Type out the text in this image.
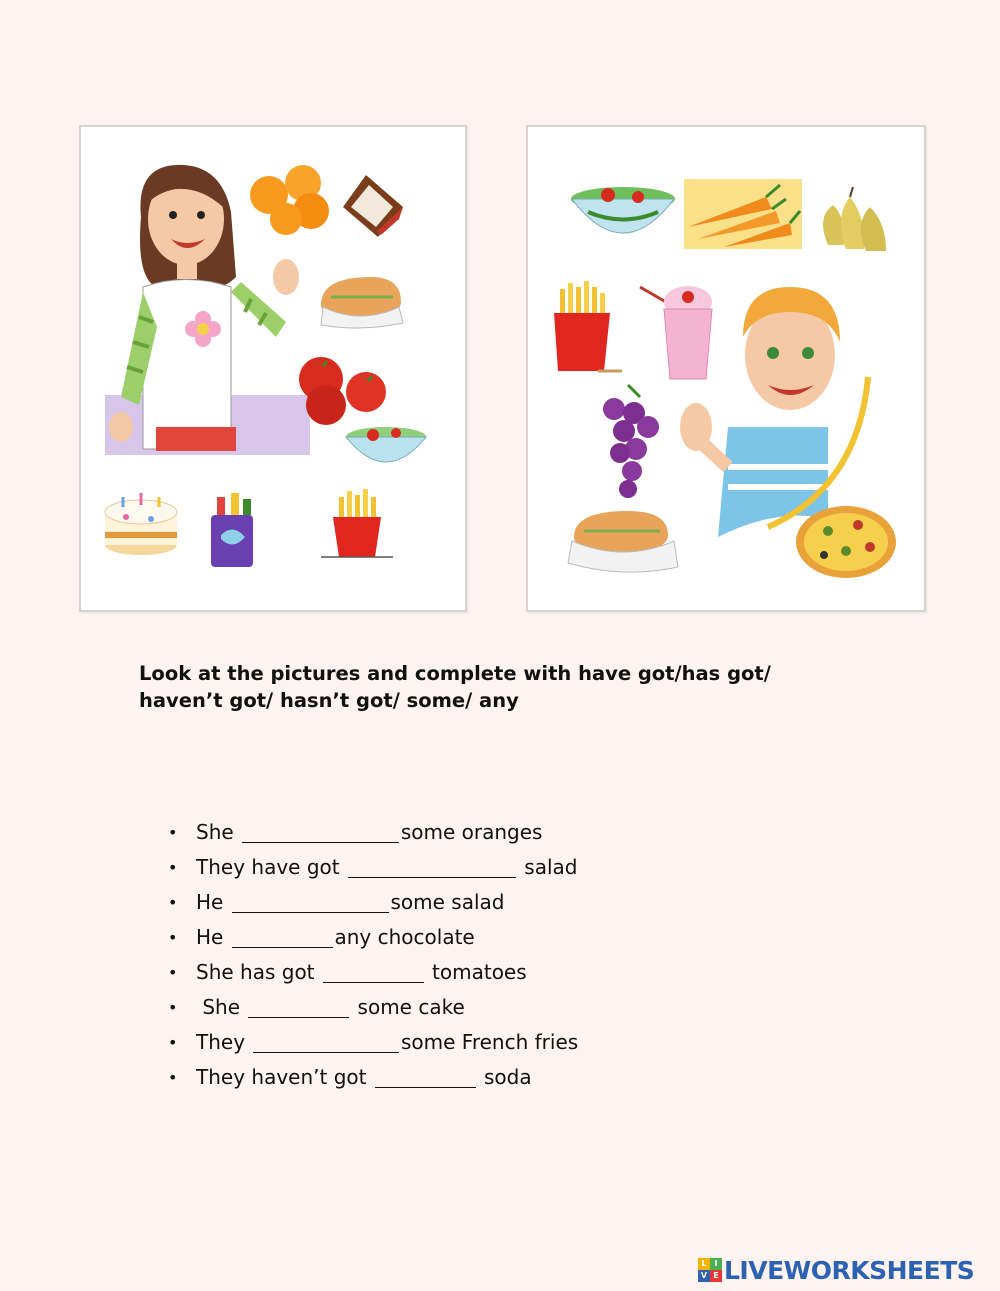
Look at the pictures and complete with have got/has got/
haven’t got/ hasn’t got/ some/ any

• She	some oranges
• They have got	salad
• He	some salad
• He	any chocolate
• She has got	tomatoes
• She	some cake
• They	some French fries
• They haven’t got	soda
L I
V E LIVEWORKSHEETS
